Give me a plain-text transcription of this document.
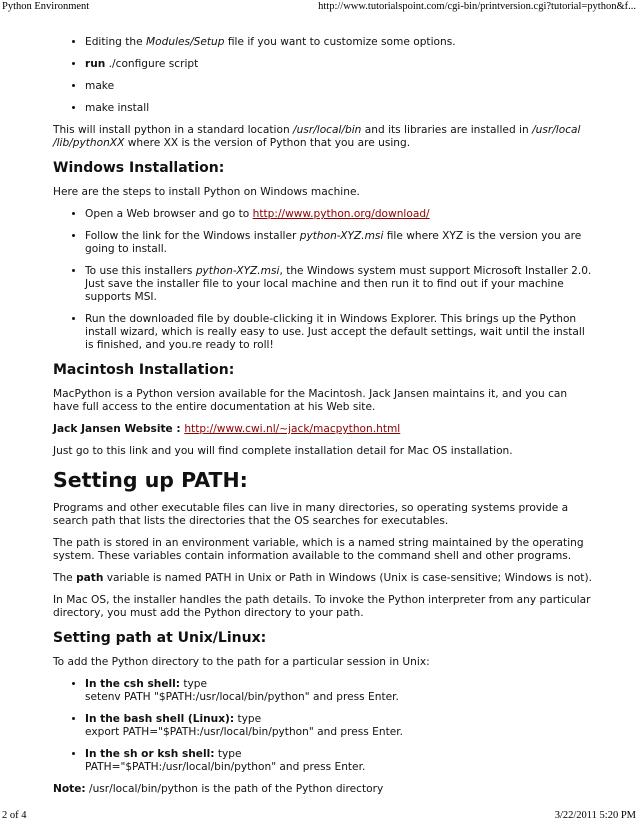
Python Environment	http://www.tutorialspoint.com/cgi-bin/printversion.cgi?tutorial=python&f...
• Editing the Modules/Setup file if you want to customize some options.
• run ./configure script
• make
• make install

This will install python in a standard location /usr/local/bin and its libraries are installed in /usr/local /lib/pythonXX where XX is the version of Python that you are using.

Windows Installation:

Here are the steps to install Python on Windows machine.

• Open a Web browser and go to http://www.python.org/download/
• Follow the link for the Windows installer python-XYZ.msi file where XYZ is the version you are going to install.
• To use this installers python-XYZ.msi, the Windows system must support Microsoft Installer 2.0. Just save the installer file to your local machine and then run it to find out if your machine supports MSI.
• Run the downloaded file by double-clicking it in Windows Explorer. This brings up the Python install wizard, which is really easy to use. Just accept the default settings, wait until the install is finished, and you.re ready to roll!
Macintosh Installation:

MacPython is a Python version available for the Macintosh. Jack Jansen maintains it, and you can have full access to the entire documentation at his Web site.

Jack Jansen Website : http://www.cwi.nl/~jack/macpython.html

Just go to this link and you will find complete installation detail for Mac OS installation.

Setting up PATH:

Programs and other executable files can live in many directories, so operating systems provide a search path that lists the directories that the OS searches for executables.

The path is stored in an environment variable, which is a named string maintained by the operating system. These variables contain information available to the command shell and other programs.

The path variable is named PATH in Unix or Path in Windows (Unix is case-sensitive; Windows is not).

In Mac OS, the installer handles the path details. To invoke the Python interpreter from any particular directory, you must add the Python directory to your path.

Setting path at Unix/Linux:

To add the Python directory to the path for a particular session in Unix:

• In the csh shell: type
setenv PATH "$PATH:/usr/local/bin/python" and press Enter.
• In the bash shell (Linux): type
export PATH="$PATH:/usr/local/bin/python" and press Enter.
• In the sh or ksh shell: type
PATH="$PATH:/usr/local/bin/python" and press Enter.

Note: /usr/local/bin/python is the path of the Python directory

2 of 4	3/22/2011 5:20 PM
